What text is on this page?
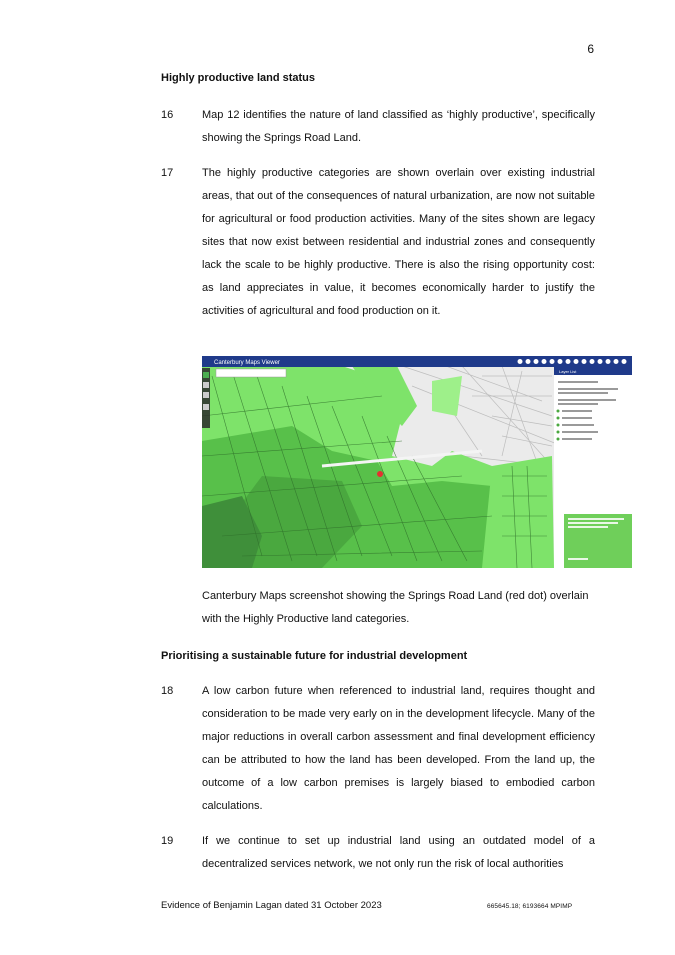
6
Highly productive land status
16	Map 12 identifies the nature of land classified as ‘highly productive’, specifically showing the Springs Road Land.
17	The highly productive categories are shown overlain over existing industrial areas, that out of the consequences of natural urbanization, are now not suitable for agricultural or food production activities. Many of the sites shown are legacy sites that now exist between residential and industrial zones and consequently lack the scale to be highly productive. There is also the rising opportunity cost: as land appreciates in value, it becomes economically harder to justify the activities of agricultural and food production on it.
Canterbury Maps Viewer
Layer List
Canterbury Maps screenshot showing the Springs Road Land (red dot) overlain with the Highly Productive land categories.
Prioritising a sustainable future for industrial development
18	A low carbon future when referenced to industrial land, requires thought and consideration to be made very early on in the development lifecycle. Many of the major reductions in overall carbon assessment and final development efficiency can be attributed to how the land has been developed. From the land up, the outcome of a low carbon premises is largely biased to embodied carbon calculations.
19	If we continue to set up industrial land using an outdated model of a decentralized services network, we not only run the risk of local authorities
Evidence of Benjamin Lagan dated 31 October 2023	665645.18; 6193664 MPIMP
